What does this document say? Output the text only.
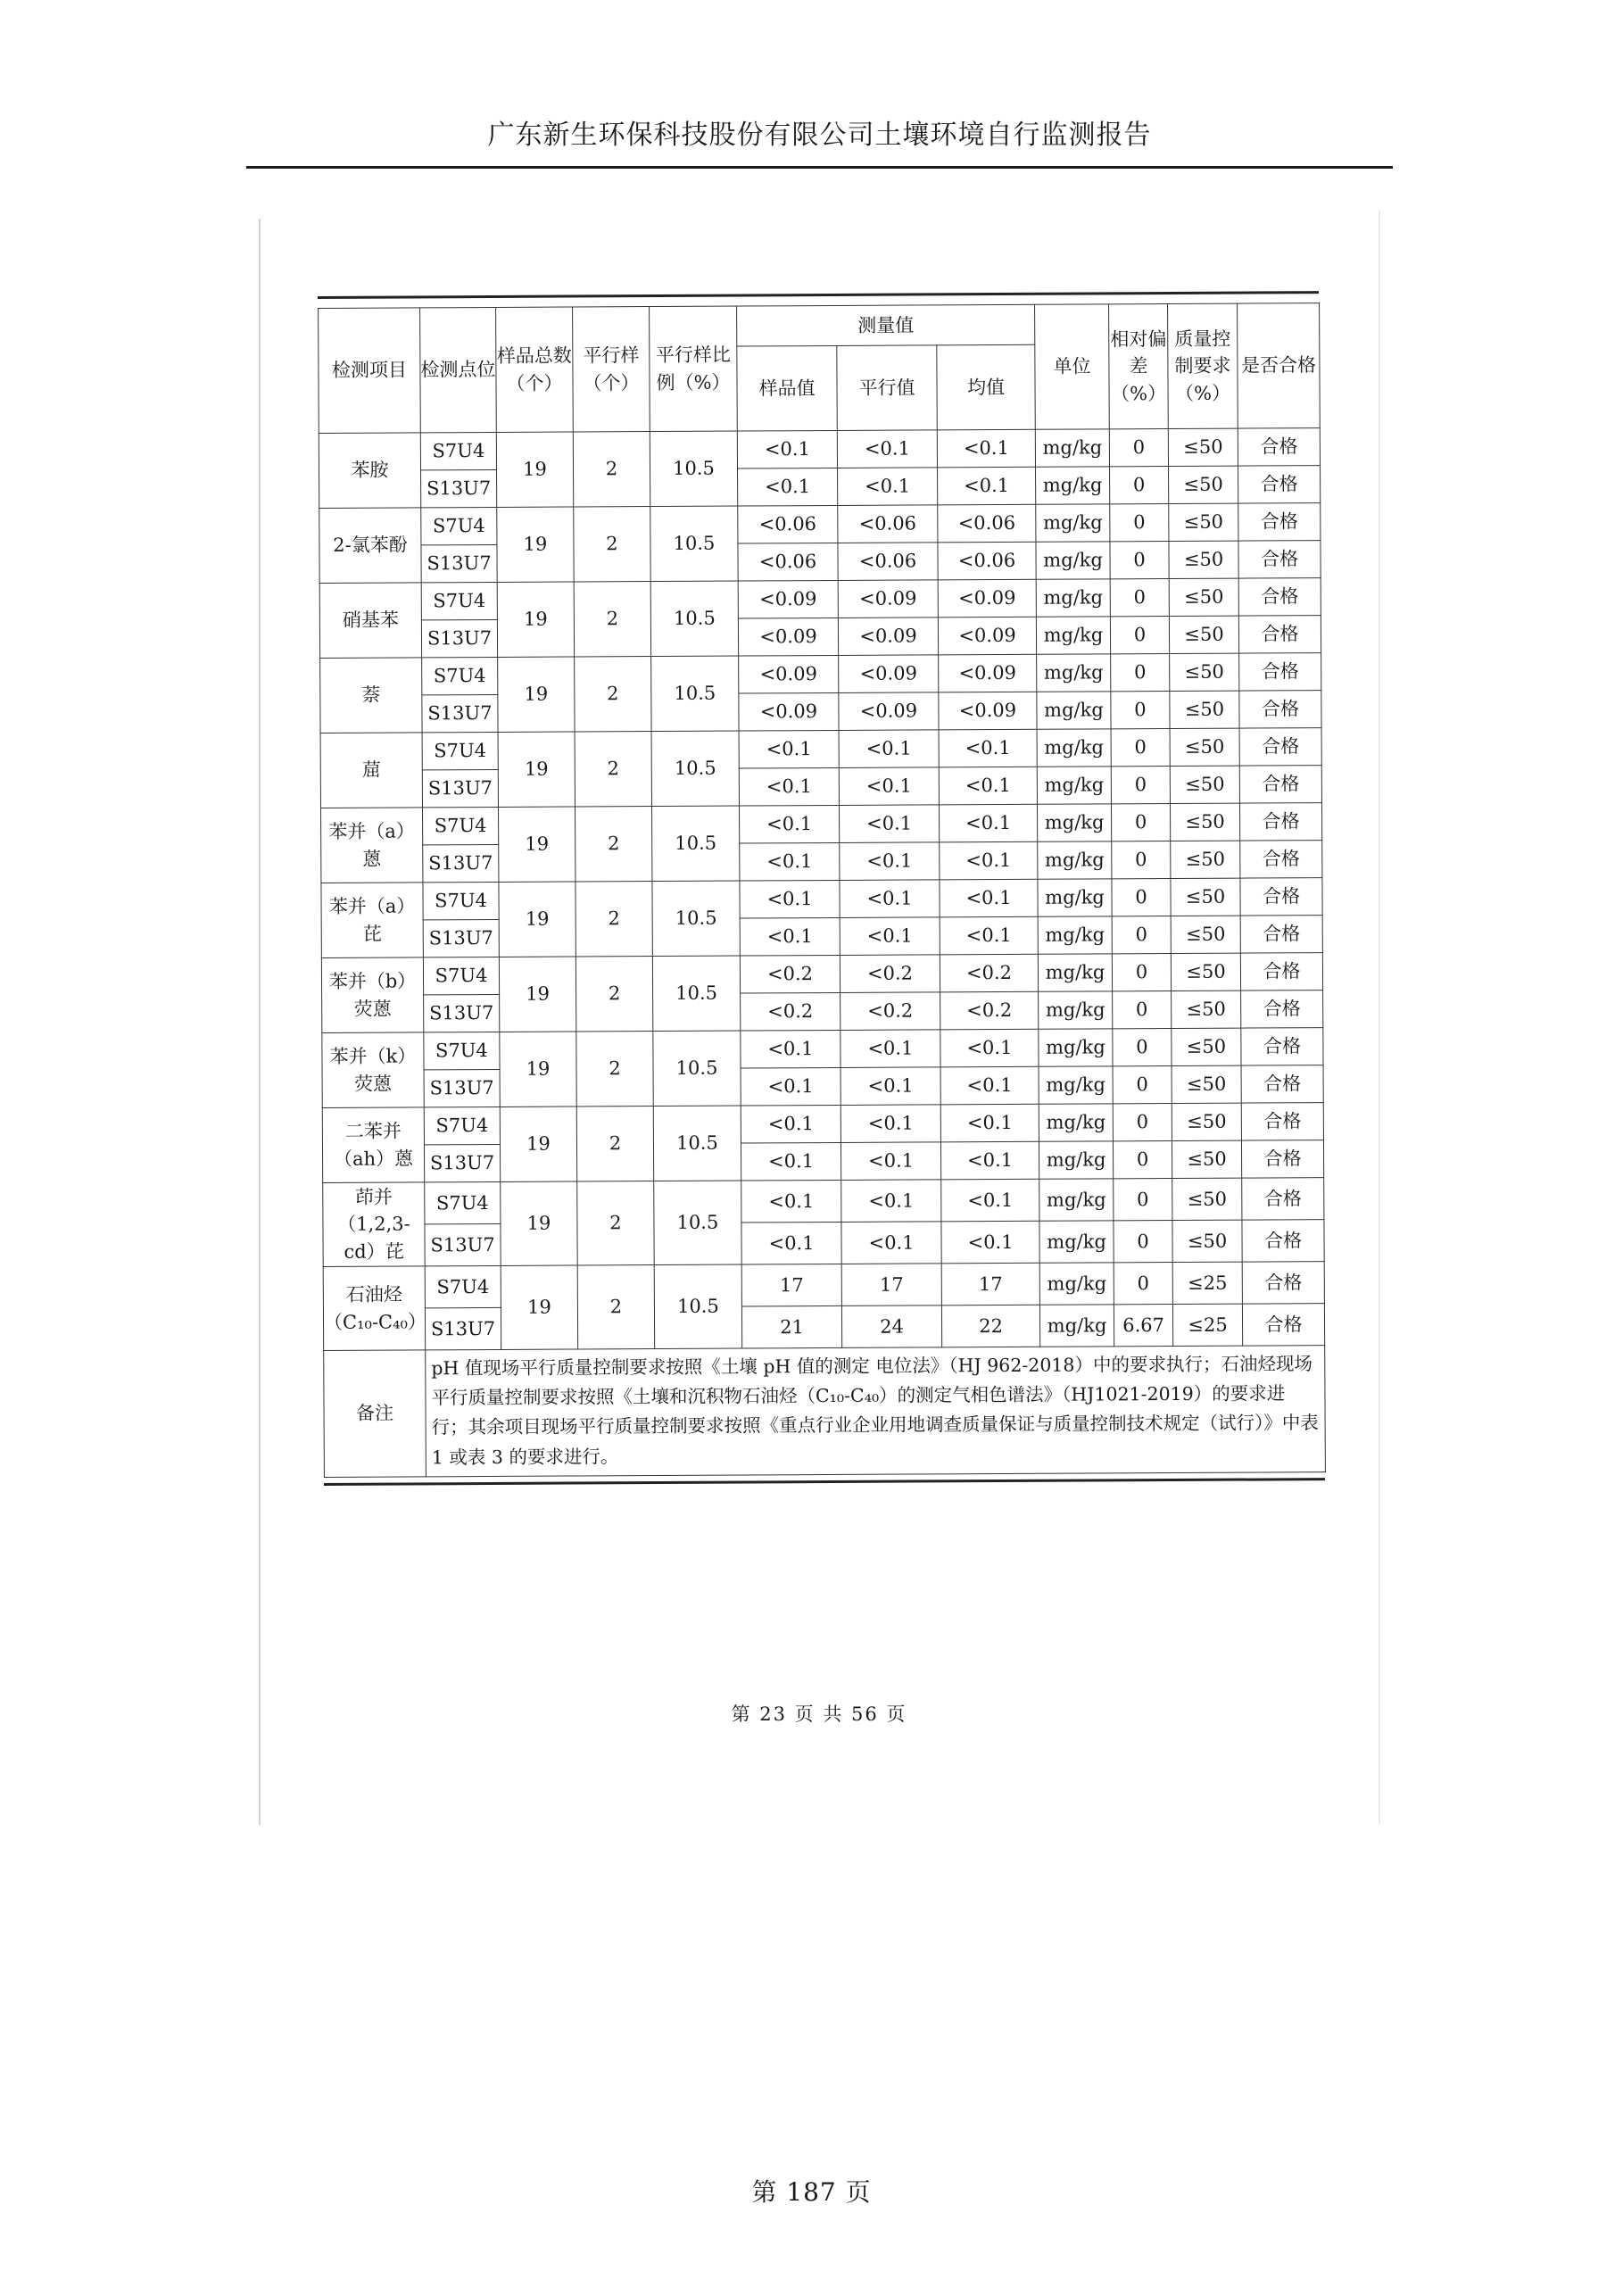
广东新生环保科技股份有限公司土壤环境自行监测报告
检测项目	检测点位	样品总数（个）	平行样（个）	平行样比例（%）	测量值			单位	相对偏差（%）	质量控制要求（%）	是否合格
					样品值	平行值	均值				
苯胺	S7U4	19	2	10.5	<0.1	<0.1	<0.1	mg/kg	0	≤50	合格
	S13U7				<0.1	<0.1	<0.1	mg/kg	0	≤50	合格
2-氯苯酚	S7U4	19	2	10.5	<0.06	<0.06	<0.06	mg/kg	0	≤50	合格
	S13U7				<0.06	<0.06	<0.06	mg/kg	0	≤50	合格
硝基苯	S7U4	19	2	10.5	<0.09	<0.09	<0.09	mg/kg	0	≤50	合格
	S13U7				<0.09	<0.09	<0.09	mg/kg	0	≤50	合格
萘	S7U4	19	2	10.5	<0.09	<0.09	<0.09	mg/kg	0	≤50	合格
	S13U7				<0.09	<0.09	<0.09	mg/kg	0	≤50	合格
䓛	S7U4	19	2	10.5	<0.1	<0.1	<0.1	mg/kg	0	≤50	合格
	S13U7				<0.1	<0.1	<0.1	mg/kg	0	≤50	合格
苯并（a）蒽	S7U4	19	2	10.5	<0.1	<0.1	<0.1	mg/kg	0	≤50	合格
	S13U7				<0.1	<0.1	<0.1	mg/kg	0	≤50	合格
苯并（a）芘	S7U4	19	2	10.5	<0.1	<0.1	<0.1	mg/kg	0	≤50	合格
	S13U7				<0.1	<0.1	<0.1	mg/kg	0	≤50	合格
苯并（b）荧蒽	S7U4	19	2	10.5	<0.2	<0.2	<0.2	mg/kg	0	≤50	合格
	S13U7				<0.2	<0.2	<0.2	mg/kg	0	≤50	合格
苯并（k）荧蒽	S7U4	19	2	10.5	<0.1	<0.1	<0.1	mg/kg	0	≤50	合格
	S13U7				<0.1	<0.1	<0.1	mg/kg	0	≤50	合格
二苯并（ah）蒽	S7U4	19	2	10.5	<0.1	<0.1	<0.1	mg/kg	0	≤50	合格
	S13U7				<0.1	<0.1	<0.1	mg/kg	0	≤50	合格
茚并（1,2,3-cd）芘	S7U4	19	2	10.5	<0.1	<0.1	<0.1	mg/kg	0	≤50	合格
	S13U7				<0.1	<0.1	<0.1	mg/kg	0	≤50	合格
石油烃（C₁₀-C₄₀）	S7U4	19	2	10.5	17	17	17	mg/kg	0	≤25	合格
	S13U7				21	24	22	mg/kg	6.67	≤25	合格
备注	pH 值现场平行质量控制要求按照《土壤 pH 值的测定 电位法》（HJ 962-2018）中的要求执行；石油烃现场平行质量控制要求按照《土壤和沉积物石油烃（C₁₀-C₄₀）的测定气相色谱法》（HJ1021-2019）的要求进行；其余项目现场平行质量控制要求按照《重点行业企业用地调查质量保证与质量控制技术规定（试行）》中表 1 或表 3 的要求进行。										
第 23 页 共 56 页
第 187 页
